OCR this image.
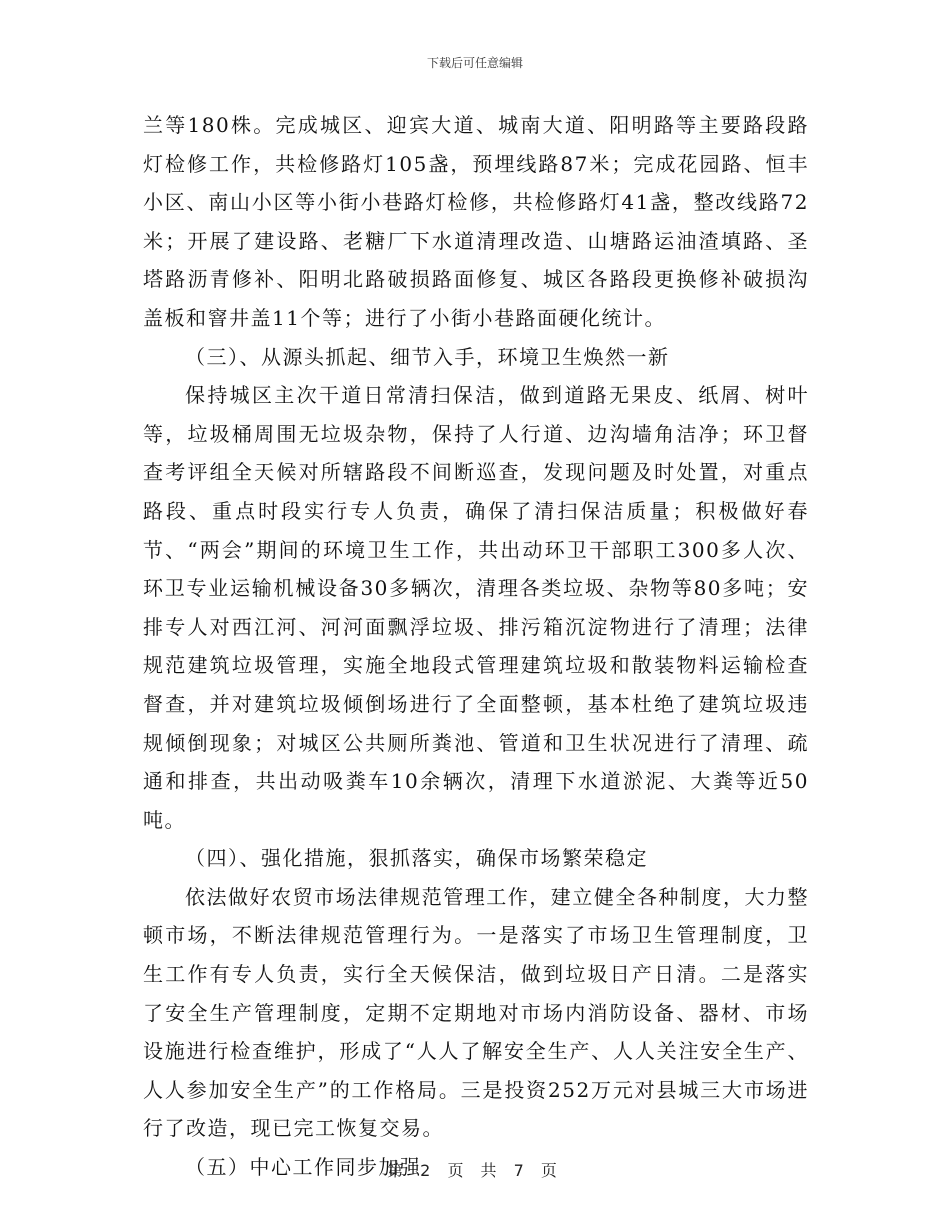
下载后可任意编辑

兰等180株。完成城区、迎宾大道、城南大道、阳明路等主要路段路灯检修工作，共检修路灯105盏，预埋线路87米；完成花园路、恒丰小区、南山小区等小街小巷路灯检修，共检修路灯41盏，整改线路72米；开展了建设路、老糖厂下水道清理改造、山塘路运油渣填路、圣塔路沥青修补、阳明北路破损路面修复、城区各路段更换修补破损沟盖板和窨井盖11个等；进行了小街小巷路面硬化统计。

（三）、从源头抓起、细节入手，环境卫生焕然一新

保持城区主次干道日常清扫保洁，做到道路无果皮、纸屑、树叶等，垃圾桶周围无垃圾杂物，保持了人行道、边沟墙角洁净；环卫督查考评组全天候对所辖路段不间断巡查，发现问题及时处置，对重点路段、重点时段实行专人负责，确保了清扫保洁质量；积极做好春节、“两会”期间的环境卫生工作，共出动环卫干部职工300多人次、环卫专业运输机械设备30多辆次，清理各类垃圾、杂物等80多吨；安排专人对西江河、河河面飘浮垃圾、排污箱沉淀物进行了清理；法律规范建筑垃圾管理，实施全地段式管理建筑垃圾和散装物料运输检查督查，并对建筑垃圾倾倒场进行了全面整顿，基本杜绝了建筑垃圾违规倾倒现象；对城区公共厕所粪池、管道和卫生状况进行了清理、疏通和排查，共出动吸粪车10余辆次，清理下水道淤泥、大粪等近50吨。

（四）、强化措施，狠抓落实，确保市场繁荣稳定

依法做好农贸市场法律规范管理工作，建立健全各种制度，大力整顿市场，不断法律规范管理行为。一是落实了市场卫生管理制度，卫生工作有专人负责，实行全天候保洁，做到垃圾日产日清。二是落实了安全生产管理制度，定期不定期地对市场内消防设备、器材、市场设施进行检查维护，形成了“人人了解安全生产、人人关注安全生产、人人参加安全生产”的工作格局。三是投资252万元对县城三大市场进行了改造，现已完工恢复交易。

（五）中心工作同步加强

第 2 页 共 7 页
